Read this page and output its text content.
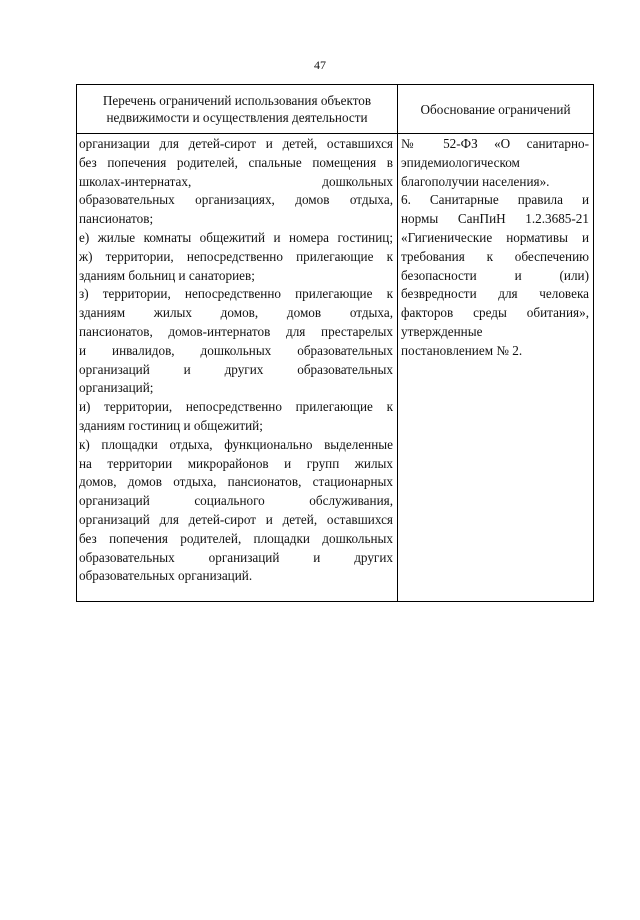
47
Перечень ограничений использования объектов недвижимости и осуществления деятельности
Обоснование ограничений
организации для детей-сирот и детей, оставшихся
без попечения родителей, спальные помещения в
школах-интернатах, дошкольных
образовательных организациях, домов отдыха,
пансионатов;
е) жилые комнаты общежитий и номера гостиниц;
ж) территории, непосредственно прилегающие к
зданиям больниц и санаториев;
з) территории, непосредственно прилегающие к
зданиям жилых домов, домов отдыха,
пансионатов, домов-интернатов для престарелых
и инвалидов, дошкольных образовательных
организаций и других образовательных
организаций;
и) территории, непосредственно прилегающие к
зданиям гостиниц и общежитий;
к) площадки отдыха, функционально выделенные
на территории микрорайонов и групп жилых
домов, домов отдыха, пансионатов, стационарных
организаций социального обслуживания,
организаций для детей-сирот и детей, оставшихся
без попечения родителей, площадки дошкольных
образовательных организаций и других
образовательных организаций.
№ 52-ФЗ «О санитарно-
эпидемиологическом
благополучии населения».
6. Санитарные правила и
нормы СанПиН 1.2.3685-21
«Гигиенические нормативы и
требования к обеспечению
безопасности и (или)
безвредности для человека
факторов среды обитания»,
утвержденные
постановлением № 2.
